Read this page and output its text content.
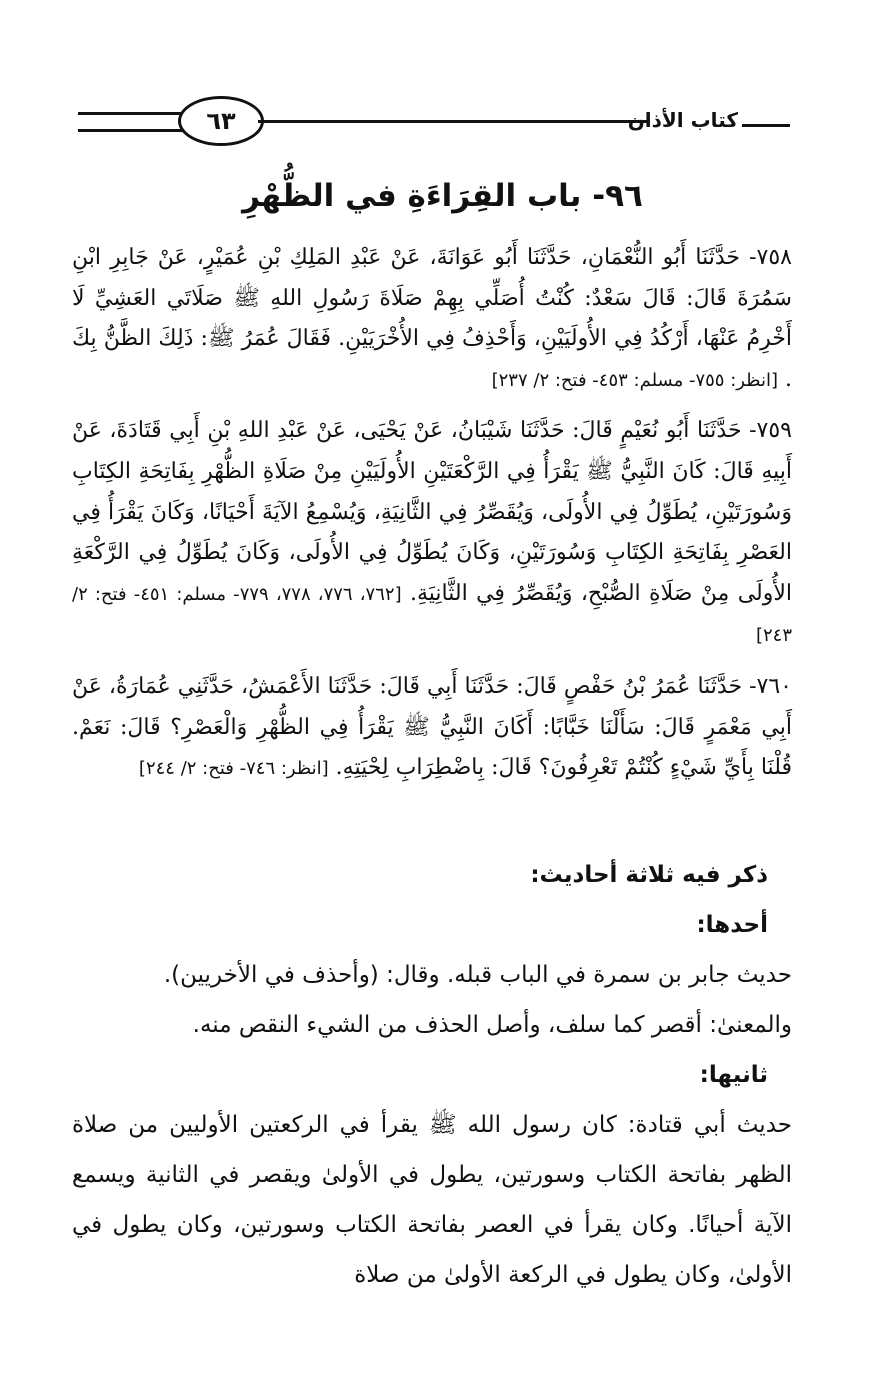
٦٣	كتاب الأذان
٩٦- باب القِرَاءَةِ في الظُّهْرِ

٧٥٨- حَدَّثَنَا أَبُو النُّعْمَانِ، حَدَّثَنَا أَبُو عَوَانَةَ، عَنْ عَبْدِ المَلِكِ بْنِ عُمَيْرٍ، عَنْ جَابِرِ ابْنِ سَمُرَةَ قَالَ: قَالَ سَعْدٌ: كُنْتُ أُصَلِّي بِهِمْ صَلَاةَ رَسُولِ اللهِ ﷺ صَلَاتَي العَشِيِّ لَا أَخْرِمُ عَنْهَا، أَرْكُدُ فِي الأُولَيَيْنِ، وَأَحْذِفُ فِي الأُخْرَيَيْنِ. فَقَالَ عُمَرُ ﷺ: ذَلِكَ الظَّنُّ بِكَ . [انظر: ٧٥٥- مسلم: ٤٥٣- فتح: ٢/ ٢٣٧]

٧٥٩- حَدَّثَنَا أَبُو نُعَيْمٍ قَالَ: حَدَّثَنَا شَيْبَانُ، عَنْ يَحْيَى، عَنْ عَبْدِ اللهِ بْنِ أَبِي قَتَادَةَ، عَنْ أَبِيهِ قَالَ: كَانَ النَّبِيُّ ﷺ يَقْرَأُ فِي الرَّكْعَتَيْنِ الأُولَيَيْنِ مِنْ صَلَاةِ الظُّهْرِ بِفَاتِحَةِ الكِتَابِ وَسُورَتَيْنِ، يُطَوِّلُ فِي الأُولَى، وَيُقَصِّرُ فِي الثَّانِيَةِ، وَيُسْمِعُ الآيَةَ أَحْيَانًا، وَكَانَ يَقْرَأُ فِي العَصْرِ بِفَاتِحَةِ الكِتَابِ وَسُورَتَيْنِ، وَكَانَ يُطَوِّلُ فِي الأُولَى، وَكَانَ يُطَوِّلُ فِي الرَّكْعَةِ الأُولَى مِنْ صَلَاةِ الصُّبْحِ، وَيُقَصِّرُ فِي الثَّانِيَةِ. [٧٦٢، ٧٧٦، ٧٧٨، ٧٧٩- مسلم: ٤٥١- فتح: ٢/ ٢٤٣]

٧٦٠- حَدَّثَنَا عُمَرُ بْنُ حَفْصٍ قَالَ: حَدَّثَنَا أَبِي قَالَ: حَدَّثَنَا الأَعْمَشُ، حَدَّثَنِي عُمَارَةُ، عَنْ أَبِي مَعْمَرٍ قَالَ: سَأَلْنَا خَبَّابًا: أَكَانَ النَّبِيُّ ﷺ يَقْرَأُ فِي الظُّهْرِ وَالْعَصْرِ؟ قَالَ: نَعَمْ. قُلْنَا بِأَيِّ شَيْءٍ كُنْتُمْ تَعْرِفُونَ؟ قَالَ: بِاضْطِرَابِ لِحْيَتِهِ. [انظر: ٧٤٦- فتح: ٢/ ٢٤٤]

ذكر فيه ثلاثة أحاديث:

أحدها:

حديث جابر بن سمرة في الباب قبله. وقال: (وأحذف في الأخريين).

والمعنىٰ: أقصر كما سلف، وأصل الحذف من الشيء النقص منه.

ثانيها:

حديث أبي قتادة: كان رسول الله ﷺ يقرأ في الركعتين الأوليين من صلاة الظهر بفاتحة الكتاب وسورتين، يطول في الأولىٰ ويقصر في الثانية ويسمع الآية أحيانًا. وكان يقرأ في العصر بفاتحة الكتاب وسورتين، وكان يطول في الأولىٰ، وكان يطول في الركعة الأولىٰ من صلاة
